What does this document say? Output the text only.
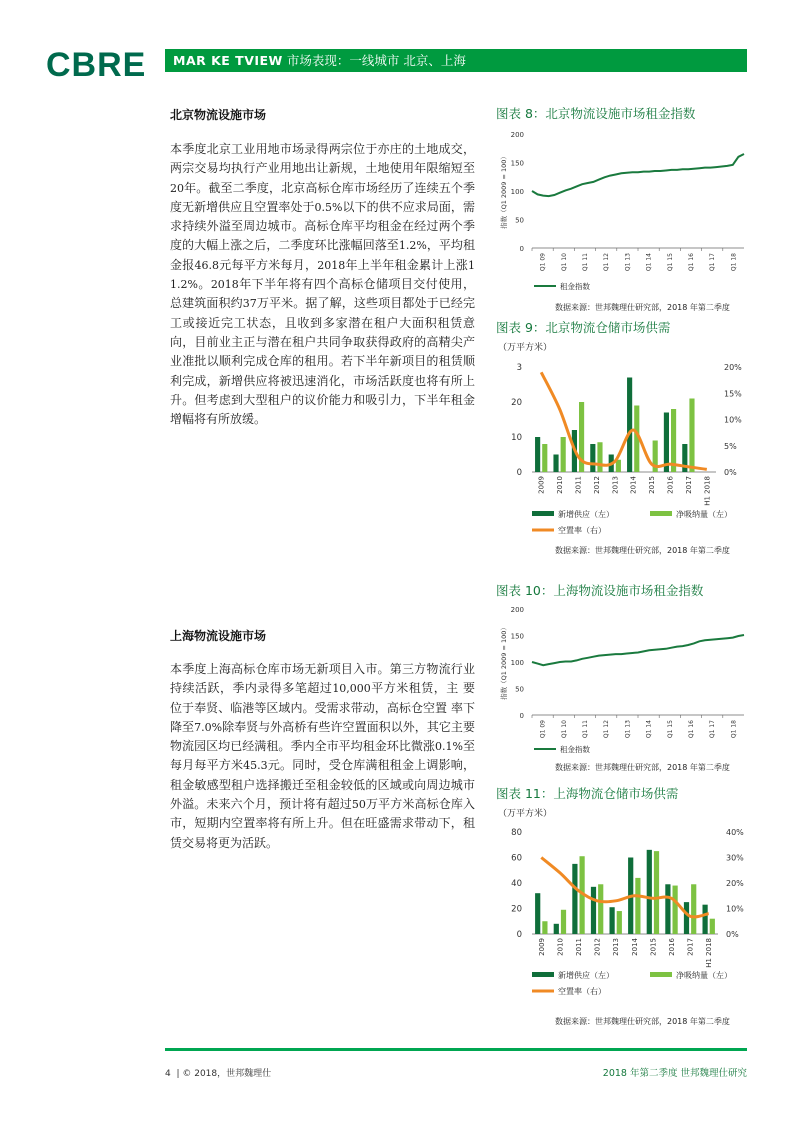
CBRE	MAR KE TVIEW 市场表现：一线城市 北京、上海
北京物流设施市场
本季度北京工业用地市场录得两宗位于亦庄的土地成交，两宗交易均执行产业用地出让新规，土地使用年限缩短至20年。截至二季度，北京高标仓库市场经历了连续五个季度无新增供应且空置率处于0.5%以下的供不应求局面，需求持续外溢至周边城市。高标仓库平均租金在经过两个季度的大幅上涨之后，二季度环比涨幅回落至1.2%，平均租金报46.8元每平方米每月，2018年上半年租金累计上涨11.2%。2018年下半年将有四个高标仓储项目交付使用，总建筑面积约37万平米。据了解，这些项目都处于已经完工或接近完工状态，且收到多家潜在租户大面积租赁意向，目前业主正与潜在租户共同争取获得政府的高精尖产业准批以顺利完成仓库的租用。若下半年新项目的租赁顺利完成，新增供应将被迅速消化，市场活跃度也将有所上升。但考虑到大型租户的议价能力和吸引力，下半年租金增幅将有所放缓。
上海物流设施市场
本季度上海高标仓库市场无新项目入市。第三方物流行业持续活跃，季内录得多笔超过10,000平方米租赁，主 要位于奉贤、临港等区域内。受需求带动，高标仓空置 率下降至7.0%除奉贤与外高桥有些许空置面积以外，其它主要物流园区均已经满租。季内全市平均租金环比微涨0.1%至每月每平方米45.3元。同时，受仓库满租租金上调影响，租金敏感型租户选择搬迁至租金较低的区域或向周边城市外溢。未来六个月，预计将有超过50万平方米高标仓库入市，短期内空置率将有所上升。但在旺盛需求带动下，租赁交易将更为活跃。
图表 8：北京物流设施市场租金指数
图表 9：北京物流仓储市场供需
图表 10：上海物流设施市场租金指数
图表 11：上海物流仓储市场供需
0
50
100
150
200
指数（Q1 2009 = 100）
Q1 09 Q1 10 Q1 11 Q1 12 Q1 13 Q1 14 Q1 15 Q1 16 Q1 17 Q1 18
租金指数
（万平方米）
0
10
20
3
0%
5%
10%
15%
20%
2009 2010 2011 2012 2013 2014 2015 2016 2017 H1 2018
新增供应（左）	净吸纳量（左）
空置率（右）
0
50
100
150
200
指数（Q1 2009 = 100）
Q1 09 Q1 10 Q1 11 Q1 12 Q1 13 Q1 14 Q1 15 Q1 16 Q1 17 Q1 18
租金指数
（万平方米）
0
20
40
60
80
0%
10%
20%
30%
40%
2009 2010 2011 2012 2013 2014 2015 2016 2017 H1 2018
新增供应（左）	净吸纳量（左）
空置率（右）
数据来源：世邦魏理仕研究部，2018 年第二季度
数据来源：世邦魏理仕研究部，2018 年第二季度
数据来源：世邦魏理仕研究部，2018 年第二季度
数据来源：世邦魏理仕研究部，2018 年第二季度
4 | © 2018，世邦魏理仕	2018 年第二季度 世邦魏理仕研究
